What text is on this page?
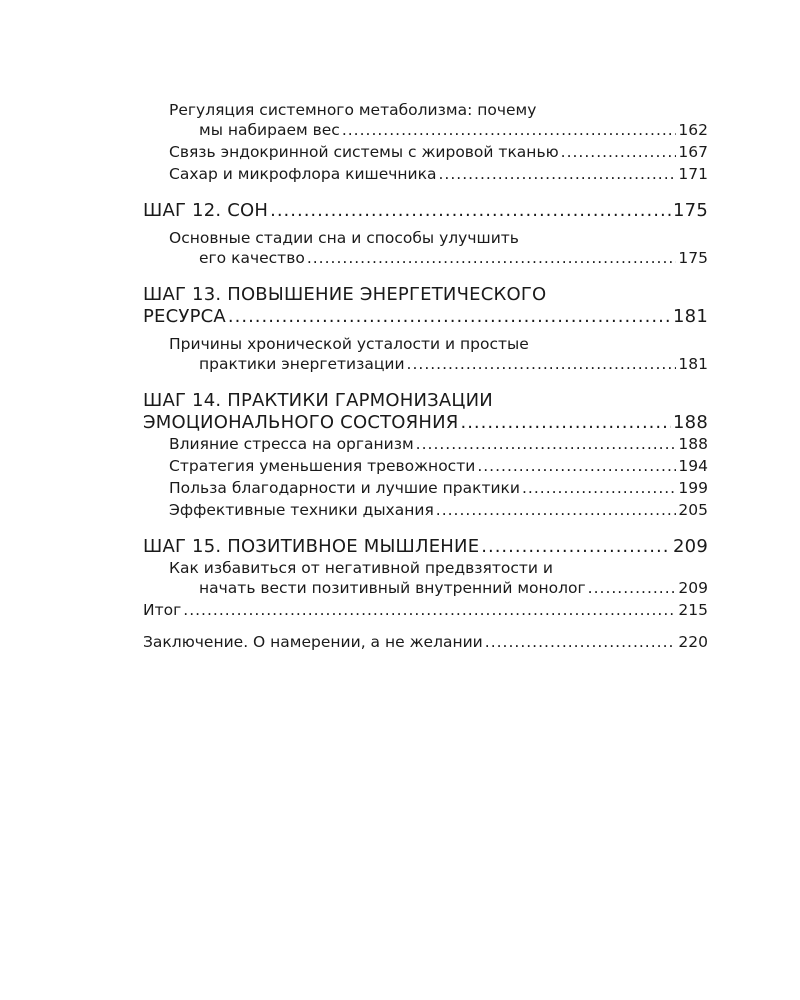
Регуляция системного метаболизма: почему
мы набираем вес .....	162
Связь эндокринной системы с жировой тканью .....	167
Сахар и микрофлора кишечника .....	171
ШАГ 12. СОН .....	175
Основные стадии сна и способы улучшить
его качество .....	175
ШАГ 13. ПОВЫШЕНИЕ ЭНЕРГЕТИЧЕСКОГО
РЕСУРСА .....	181
Причины хронической усталости и простые
практики энергетизации .....	181
ШАГ 14. ПРАКТИКИ ГАРМОНИЗАЦИИ
ЭМОЦИОНАЛЬНОГО СОСТОЯНИЯ .....	188
Влияние стресса на организм .....	188
Стратегия уменьшения тревожности .....	194
Польза благодарности и лучшие практики .....	199
Эффективные техники дыхания .....	205
ШАГ 15. ПОЗИТИВНОЕ МЫШЛЕНИЕ .....	209
Как избавиться от негативной предвзятости и
начать вести позитивный внутренний монолог .....	209
Итог .....	215
Заключение. О намерении, а не желании .....	220
